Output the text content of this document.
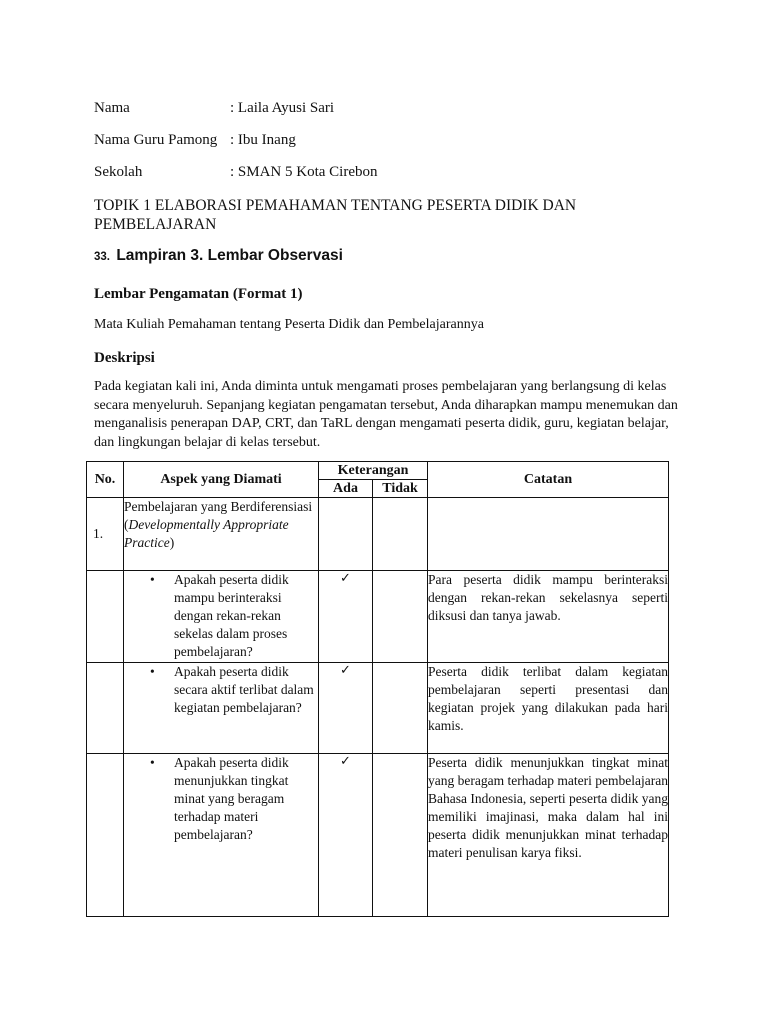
Nama	: Laila Ayusi Sari
Nama Guru Pamong : Ibu Inang
Sekolah	: SMAN 5 Kota Cirebon
TOPIK 1 ELABORASI PEMAHAMAN TENTANG PESERTA DIDIK DAN PEMBELAJARAN
33. Lampiran 3. Lembar Observasi
Lembar Pengamatan (Format 1)
Mata Kuliah Pemahaman tentang Peserta Didik dan Pembelajarannya
Deskripsi
Pada kegiatan kali ini, Anda diminta untuk mengamati proses pembelajaran yang berlangsung di kelas secara menyeluruh. Sepanjang kegiatan pengamatan tersebut, Anda diharapkan mampu menemukan dan menganalisis penerapan DAP, CRT, dan TaRL dengan mengamati peserta didik, guru, kegiatan belajar, dan lingkungan belajar di kelas tersebut.
No.	Aspek yang Diamati	Keterangan		Catatan
		Ada	Tidak	
1.	Pembelajaran yang Berdiferensiasi (Developmentally Appropriate Practice)			

	• Apakah peserta didik mampu berinteraksi dengan rekan-rekan sekelas dalam proses pembelajaran?	✓		Para peserta didik mampu berinteraksi dengan rekan-rekan sekelasnya seperti diksusi dan tanya jawab.

	• Apakah peserta didik secara aktif terlibat dalam kegiatan pembelajaran?	✓		Peserta didik terlibat dalam kegiatan pembelajaran seperti presentasi dan kegiatan projek yang dilakukan pada hari kamis.

	• Apakah peserta didik menunjukkan tingkat minat yang beragam terhadap materi pembelajaran?	✓		Peserta didik menunjukkan tingkat minat yang beragam terhadap materi pembelajaran Bahasa Indonesia, seperti peserta didik yang memiliki imajinasi, maka dalam hal ini peserta didik menunjukkan minat terhadap materi penulisan karya fiksi.
